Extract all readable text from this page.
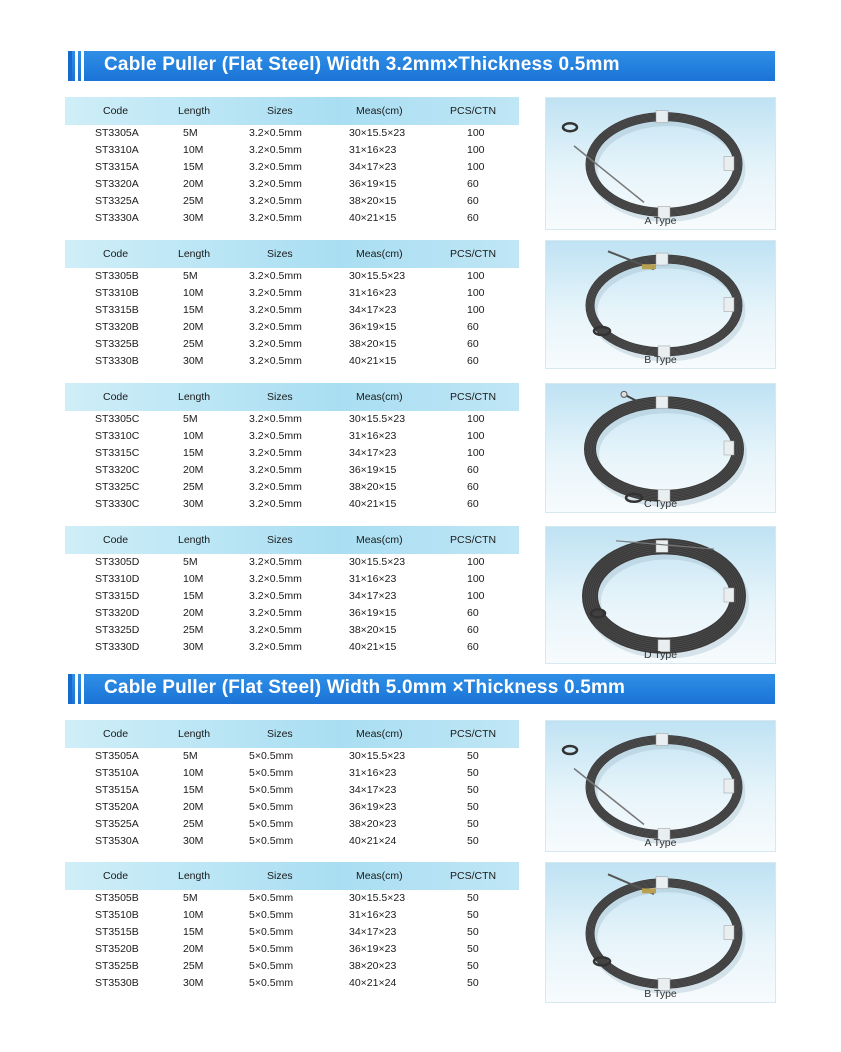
Cable Puller (Flat Steel) Width 3.2mm×Thickness 0.5mm
Code	Length	Sizes	Meas(cm)	PCS/CTN
ST3305A	5M	3.2×0.5mm	30×15.5×23	100
ST3310A	10M	3.2×0.5mm	31×16×23	100
ST3315A	15M	3.2×0.5mm	34×17×23	100
ST3320A	20M	3.2×0.5mm	36×19×15	60
ST3325A	25M	3.2×0.5mm	38×20×15	60
ST3330A	30M	3.2×0.5mm	40×21×15	60
Code	Length	Sizes	Meas(cm)	PCS/CTN
ST3305B	5M	3.2×0.5mm	30×15.5×23	100
ST3310B	10M	3.2×0.5mm	31×16×23	100
ST3315B	15M	3.2×0.5mm	34×17×23	100
ST3320B	20M	3.2×0.5mm	36×19×15	60
ST3325B	25M	3.2×0.5mm	38×20×15	60
ST3330B	30M	3.2×0.5mm	40×21×15	60
Code	Length	Sizes	Meas(cm)	PCS/CTN
ST3305C	5M	3.2×0.5mm	30×15.5×23	100
ST3310C	10M	3.2×0.5mm	31×16×23	100
ST3315C	15M	3.2×0.5mm	34×17×23	100
ST3320C	20M	3.2×0.5mm	36×19×15	60
ST3325C	25M	3.2×0.5mm	38×20×15	60
ST3330C	30M	3.2×0.5mm	40×21×15	60
Code	Length	Sizes	Meas(cm)	PCS/CTN
ST3305D	5M	3.2×0.5mm	30×15.5×23	100
ST3310D	10M	3.2×0.5mm	31×16×23	100
ST3315D	15M	3.2×0.5mm	34×17×23	100
ST3320D	20M	3.2×0.5mm	36×19×15	60
ST3325D	25M	3.2×0.5mm	38×20×15	60
ST3330D	30M	3.2×0.5mm	40×21×15	60
A Type
B Type
C Type
D Type
Cable Puller (Flat Steel) Width 5.0mm ×Thickness 0.5mm
Code	Length	Sizes	Meas(cm)	PCS/CTN
ST3505A	5M	5×0.5mm	30×15.5×23	50
ST3510A	10M	5×0.5mm	31×16×23	50
ST3515A	15M	5×0.5mm	34×17×23	50
ST3520A	20M	5×0.5mm	36×19×23	50
ST3525A	25M	5×0.5mm	38×20×23	50
ST3530A	30M	5×0.5mm	40×21×24	50
Code	Length	Sizes	Meas(cm)	PCS/CTN
ST3505B	5M	5×0.5mm	30×15.5×23	50
ST3510B	10M	5×0.5mm	31×16×23	50
ST3515B	15M	5×0.5mm	34×17×23	50
ST3520B	20M	5×0.5mm	36×19×23	50
ST3525B	25M	5×0.5mm	38×20×23	50
ST3530B	30M	5×0.5mm	40×21×24	50
A Type
B Type
